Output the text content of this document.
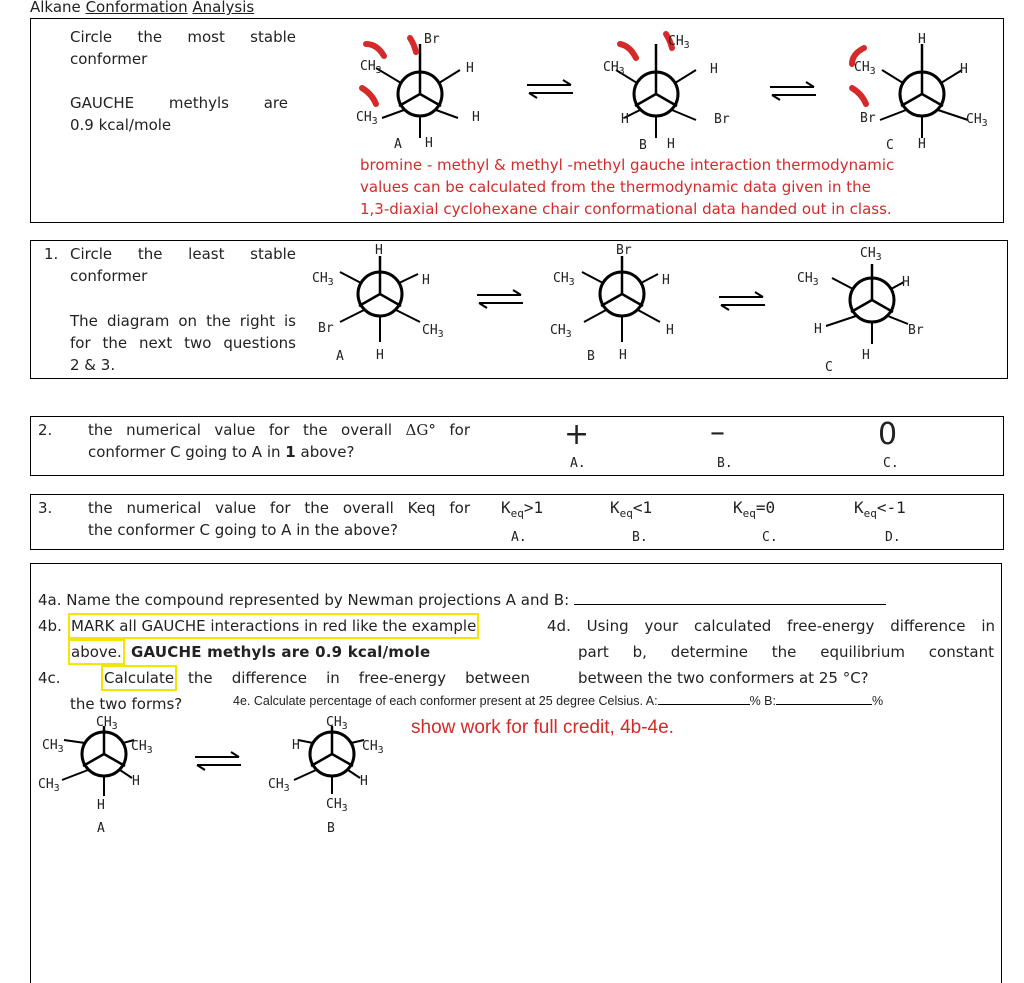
Alkane Conformation Analysis
Circle the most stable conformer
GAUCHE methyls are
0.9 kcal/mole
Br
$CH_3$	H
$CH_3$	H
H
A
$CH_3$
$CH_3$	H
H	Br
H
B
H
$CH_3$	H
Br	$CH_3$
H
C
bromine - methyl & methyl -methyl gauche interaction thermodynamic
values can be calculated from the thermodynamic data given in the
1,3-diaxial cyclohexane chair conformational data handed out in class.
1. Circle the least stable conformer
The diagram on the right is
for the next two questions
2 & 3.
H
$CH_3$	H
Br	$CH_3$
H
A
Br
$CH_3$	H
$CH_3$	H
H
B
$CH_3$
$CH_3$	H
H	Br
H
C
2. the numerical value for the overall ΔG° for
conformer C going to A in 1 above?	+
A.
–
B.
0
C.
3. the numerical value for the overall Keq for
the conformer C going to A in the above?
$K_{eq}>1$
A.
$K_{eq}<1$
B.
$K_{eq}=0$
C.
$K_{eq}<-1$
D.
4a. Name the compound represented by Newman projections A and B:
4b. MARK all GAUCHE interactions in red like the example
above. GAUCHE methyls are 0.9 kcal/mole
4d. Using your calculated free-energy difference in
part b, determine the equilibrium constant
between the two conformers at 25 °C?
4c.	Calculate the difference in free-energy between
the two forms?	4e. Calculate percentage of each conformer present at 25 degree Celsius. A:	% B:	%
show work for full credit, 4b-4e.
$CH_3$
$CH_3$	$CH_3$
$CH_3$	H
H
A
$CH_3$
H	$CH_3$
$CH_3$	H
$CH_3$
B
